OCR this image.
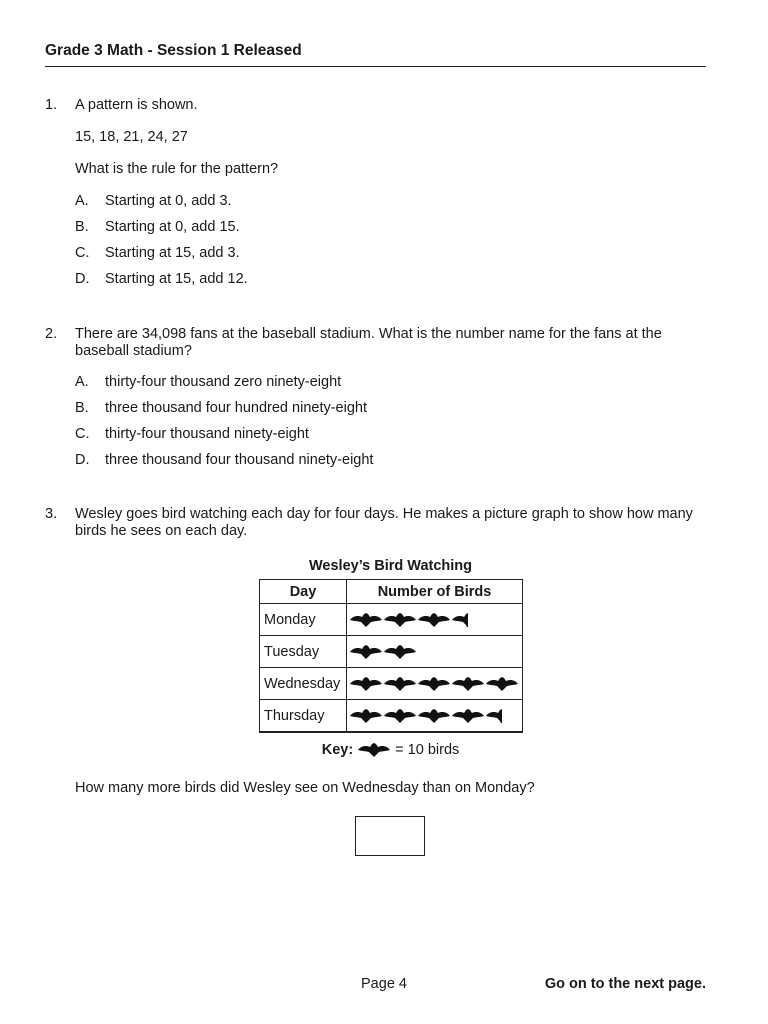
Grade 3 Math - Session 1 Released
1. A pattern is shown.

15, 18, 21, 24, 27

What is the rule for the pattern?

A. Starting at 0, add 3.
B. Starting at 0, add 15.
C. Starting at 15, add 3.
D. Starting at 15, add 12.
2. There are 34,098 fans at the baseball stadium. What is the number name for the fans at the baseball stadium?

A. thirty-four thousand zero ninety-eight
B. three thousand four hundred ninety-eight
C. thirty-four thousand ninety-eight
D. three thousand four thousand ninety-eight
3. Wesley goes bird watching each day for four days. He makes a picture graph to show how many birds he sees on each day.

Wesley’s Bird Watching
Day	Number of Birds
Monday	

Tuesday	

Wednesday	

Thursday	
Key:	= 10 birds
How many more birds did Wesley see on Wednesday than on Monday?
Page 4	Go on to the next page.
